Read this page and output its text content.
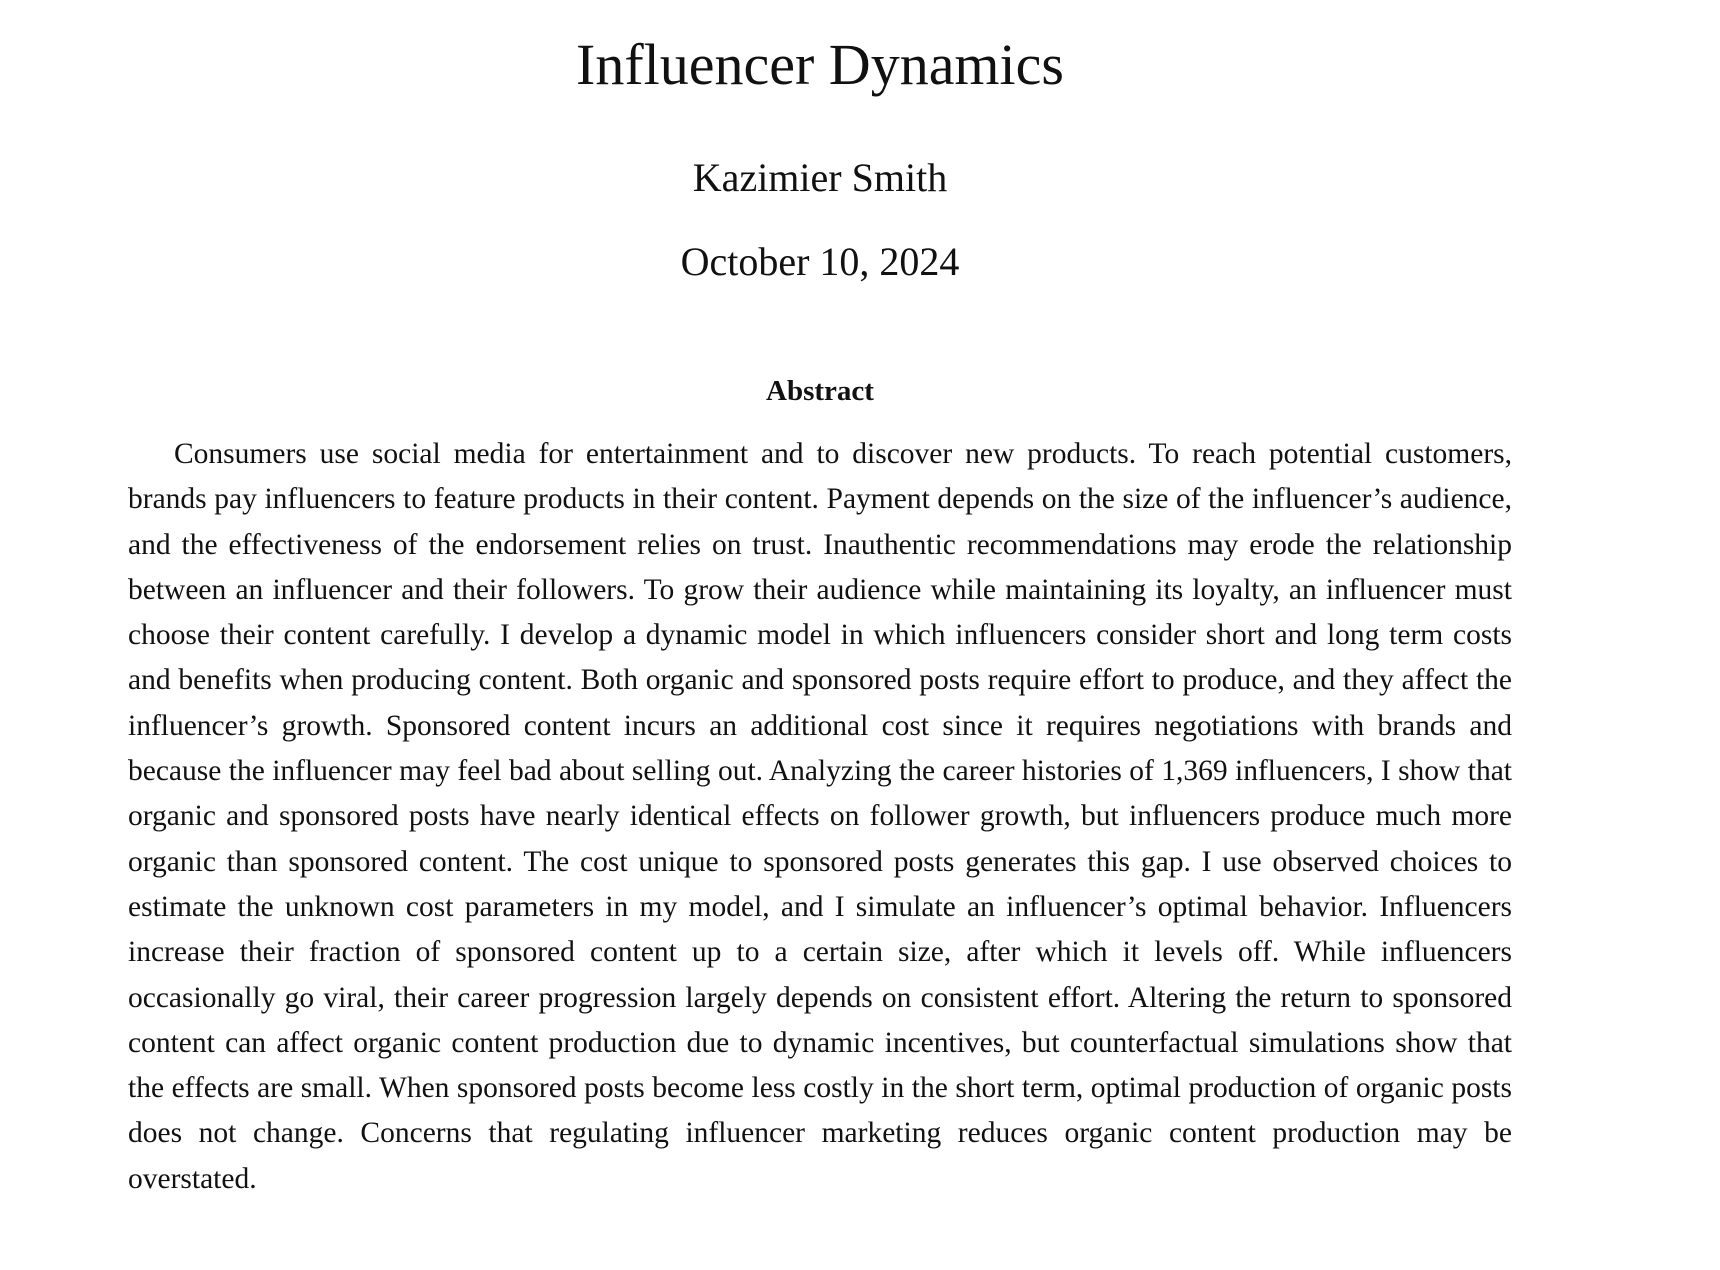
Influencer Dynamics
Kazimier Smith
October 10, 2024
Abstract

Consumers use social media for entertainment and to discover new products. To reach potential customers, brands pay influencers to feature products in their content. Payment depends on the size of the influencer’s audience, and the effectiveness of the endorsement relies on trust. Inauthentic recommendations may erode the relationship between an influencer and their followers. To grow their audience while maintaining its loyalty, an influencer must choose their content carefully. I develop a dynamic model in which influencers consider short and long term costs and benefits when producing content. Both organic and sponsored posts require effort to produce, and they affect the influencer’s growth. Sponsored content incurs an additional cost since it requires negotiations with brands and because the influencer may feel bad about selling out. Analyzing the career histories of 1,369 influencers, I show that organic and sponsored posts have nearly identical effects on follower growth, but influencers produce much more organic than sponsored content. The cost unique to sponsored posts generates this gap. I use observed choices to estimate the unknown cost parameters in my model, and I simulate an influencer’s optimal behavior. Influencers increase their fraction of sponsored content up to a certain size, after which it levels off. While influencers occasionally go viral, their career progression largely depends on consistent effort. Altering the return to sponsored content can affect organic content production due to dynamic incentives, but counterfactual simulations show that the effects are small. When sponsored posts become less costly in the short term, optimal production of organic posts does not change. Concerns that regulating influencer marketing reduces organic content production may be overstated.
